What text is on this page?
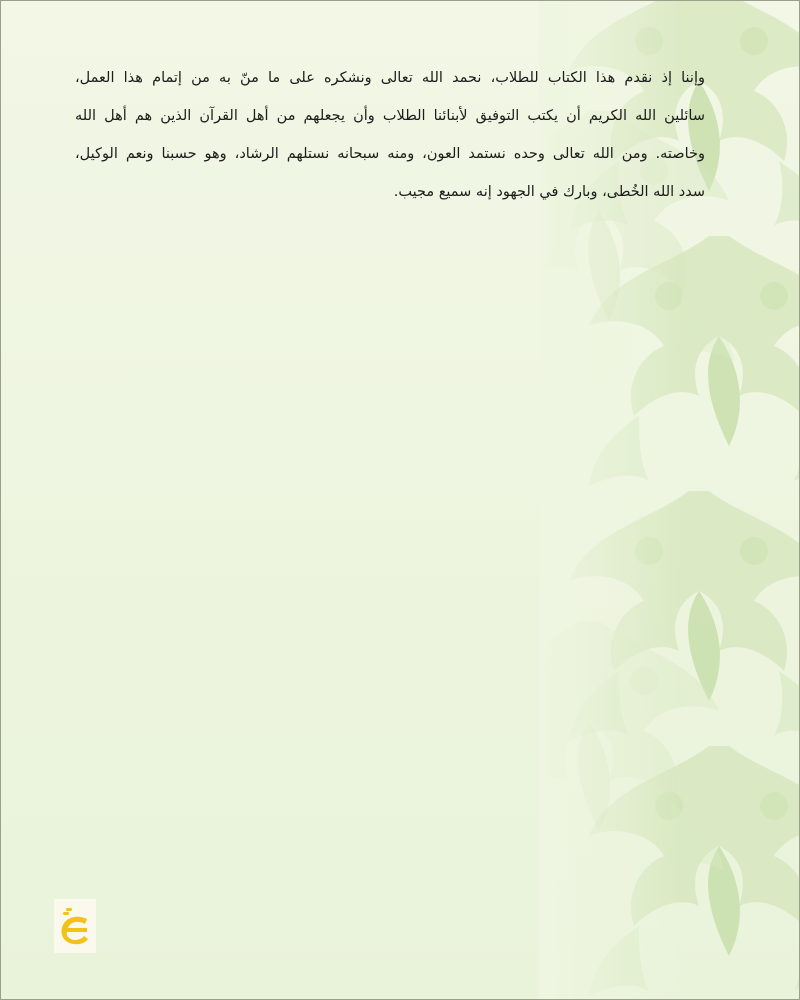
وإننا إذ نقدم هذا الكتاب للطلاب، نحمد الله تعالى ونشكره على ما منّ به من إتمام هذا العمل،
سائلين الله الكريم أن يكتب التوفيق لأبنائنا الطلاب وأن يجعلهم من أهل القرآن الذين هم أهل الله
وخاصته. ومن الله تعالى وحده نستمد العون، ومنه سبحانه نستلهم الرشاد، وهو حسبنا ونعم الوكيل،
سدد الله الخُطى، وبارك في الجهود إنه سميع مجيب.
